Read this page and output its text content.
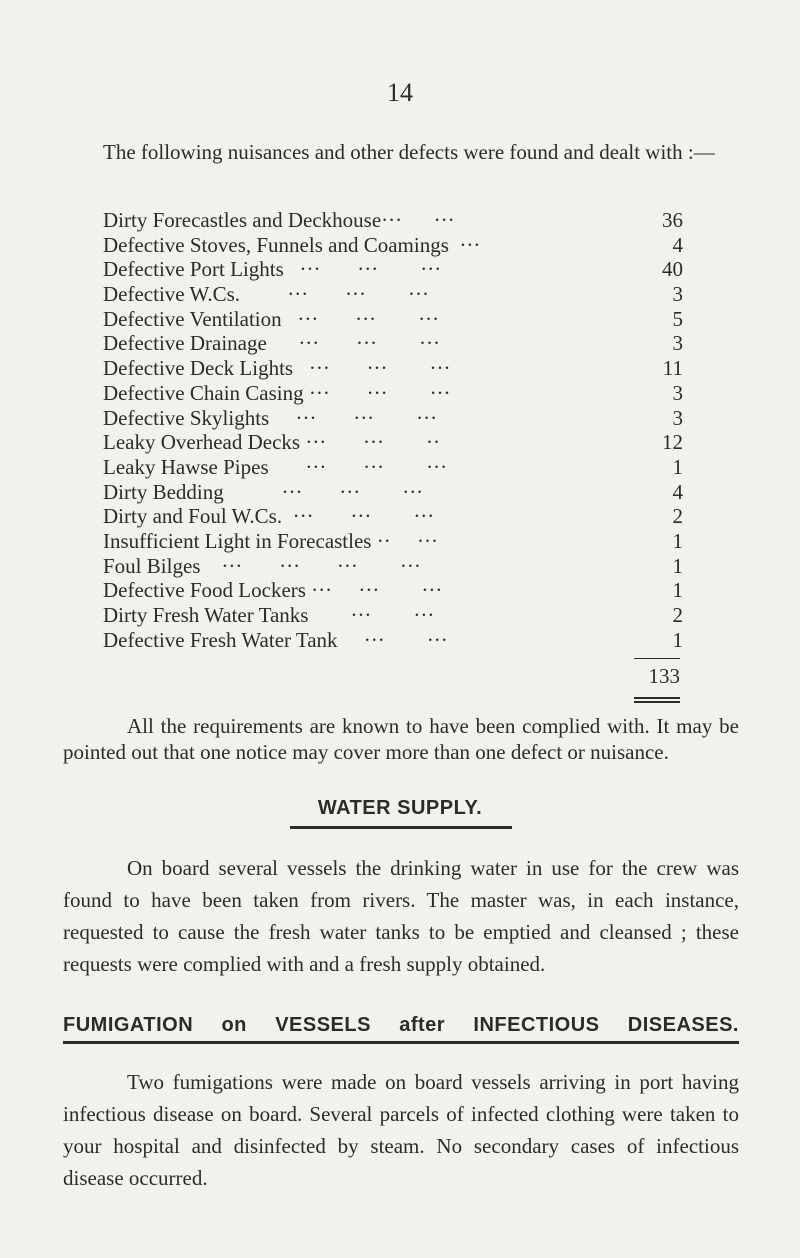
14

The following nuisances and other defects were found and dealt with :—

Dirty Forecastles and Deckhouse···      ···	36
Defective Stoves, Funnels and Coamings  ···	4
Defective Port Lights   ···       ···        ···	40
Defective W.Cs.         ···       ···        ···	3
Defective Ventilation   ···       ···        ···	5
Defective Drainage      ···       ···        ···	3
Defective Deck Lights   ···       ···        ···	11
Defective Chain Casing ···       ···        ···	3
Defective Skylights     ···       ···        ···	3
Leaky Overhead Decks ···       ···        ··	12
Leaky Hawse Pipes       ···       ···        ···	1
Dirty Bedding           ···       ···        ···	4
Dirty and Foul W.Cs.  ···       ···        ···	2
Insufficient Light in Forecastles ··     ···	1
Foul Bilges    ···       ···       ···        ···	1
Defective Food Lockers ···     ···        ···	1
Dirty Fresh Water Tanks        ···        ···	2
Defective Fresh Water Tank     ···        ···	1
133

All the requirements are known to have been complied with. It may be pointed out that one notice may cover more than one defect or nuisance.

WATER SUPPLY.

On board several vessels the drinking water in use for the crew was found to have been taken from rivers. The master was, in each instance, requested to cause the fresh water tanks to be emptied and cleansed ; these requests were complied with and a fresh supply obtained.

FUMIGATION on VESSELS after INFECTIOUS DISEASES.

Two fumigations were made on board vessels arriving in port having infectious disease on board. Several parcels of infected clothing were taken to your hospital and disinfected by steam. No secondary cases of infectious disease occurred.
